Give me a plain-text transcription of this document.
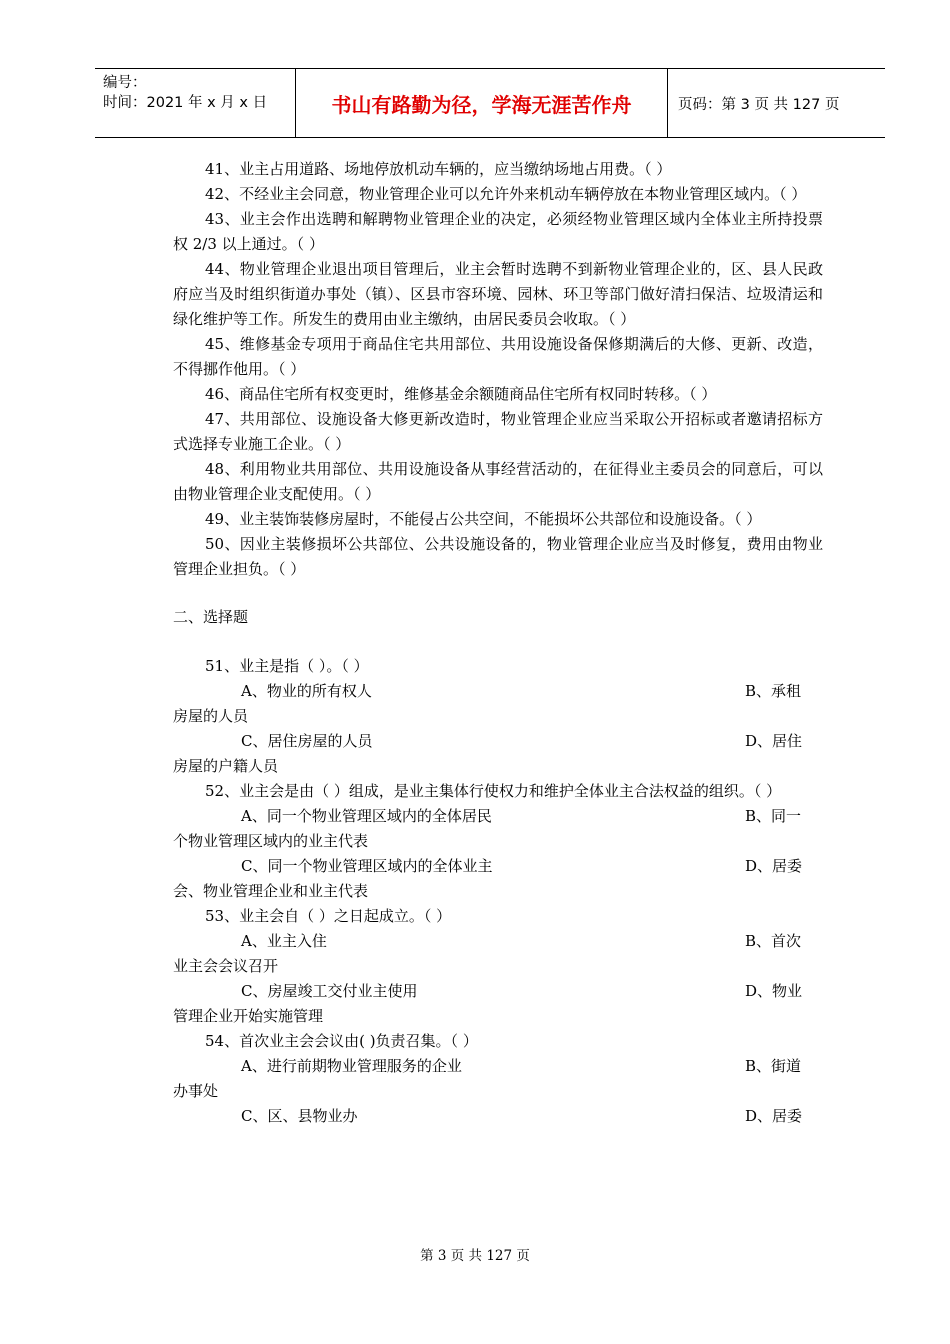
编号：
时间：2021 年 x 月 x 日	书山有路勤为径，学海无涯苦作舟	页码：第 3 页 共 127 页

41、业主占用道路、场地停放机动车辆的，应当缴纳场地占用费。（ ）

42、不经业主会同意，物业管理企业可以允许外来机动车辆停放在本物业管理区域内。（ ）

43、业主会作出选聘和解聘物业管理企业的决定，必须经物业管理区域内全体业主所持投票权 2/3 以上通过。（ ）

44、物业管理企业退出项目管理后，业主会暂时选聘不到新物业管理企业的，区、县人民政府应当及时组织街道办事处（镇）、区县市容环境、园林、环卫等部门做好清扫保洁、垃圾清运和绿化维护等工作。所发生的费用由业主缴纳，由居民委员会收取。（ ）

45、维修基金专项用于商品住宅共用部位、共用设施设备保修期满后的大修、更新、改造，不得挪作他用。（ ）

46、商品住宅所有权变更时，维修基金余额随商品住宅所有权同时转移。（ ）

47、共用部位、设施设备大修更新改造时，物业管理企业应当采取公开招标或者邀请招标方式选择专业施工企业。（ ）

48、利用物业共用部位、共用设施设备从事经营活动的，在征得业主委员会的同意后，可以由物业管理企业支配使用。（ ）

49、业主装饰装修房屋时，不能侵占公共空间，不能损坏公共部位和设施设备。（ ）

50、因业主装修损坏公共部位、公共设施设备的，物业管理企业应当及时修复，费用由物业管理企业担负。（ ）

二、选择题

51、业主是指（ ）。（ ）

A、物业的所有权人	B、承租

房屋的人员

C、居住房屋的人员	D、居住

房屋的户籍人员

52、业主会是由（ ）组成，是业主集体行使权力和维护全体业主合法权益的组织。（ ）

A、同一个物业管理区域内的全体居民	B、同一

个物业管理区域内的业主代表

C、同一个物业管理区域内的全体业主	D、居委

会、物业管理企业和业主代表

53、业主会自（ ）之日起成立。（ ）

A、业主入住	B、首次

业主会会议召开

C、房屋竣工交付业主使用	D、物业

管理企业开始实施管理

54、首次业主会会议由( )负责召集。（ ）

A、进行前期物业管理服务的企业	B、街道

办事处

C、区、县物业办	D、居委
第 3 页 共 127 页
